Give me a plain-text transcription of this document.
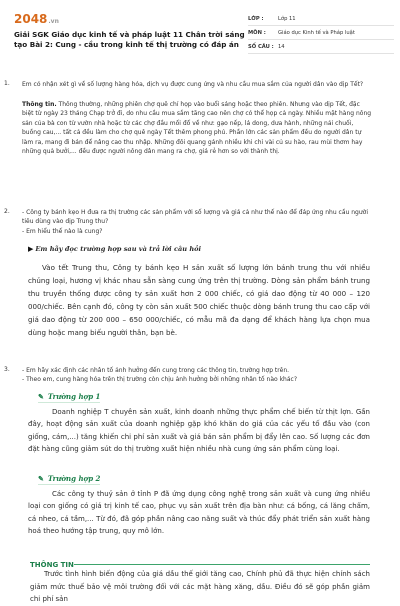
2048.vn
Giải SGK Giáo dục kinh tế và pháp luật 11 Chân trời sáng tạo Bài 2: Cung - cầu trong kinh tế thị trường có đáp án
LỚP :	Lớp 11
MÔN :	Giáo dục Kinh tế và Pháp luật
SỐ CÂU : 14
1. Em có nhận xét gì về số lượng hàng hóa, dịch vụ được cung ứng và nhu cầu mua sắm của người dân vào dịp Tết?
Thông tin. Thông thường, những phiên chợ quê chỉ họp vào buổi sáng hoặc theo phiên. Nhưng vào dịp Tết, đặc biệt từ ngày 23 tháng Chạp trở đi, do nhu cầu mua sắm tăng cao nên chợ có thể họp cả ngày. Nhiều mặt hàng nông sản của bà con từ vườn nhà hoặc từ các chợ đầu mối đổ về như: gạo nếp, lá dong, dưa hành, những nải chuối, buồng cau,... tất cả đều làm cho chợ quê ngày Tết thêm phong phú. Phần lớn các sản phẩm đều do người dân tự làm ra, mang đi bán để nâng cao thu nhập. Những đôi quang gánh nhiều khi chỉ vài củ su hào, rau mùi thơm hay những quả bưởi,... đều được người nông dân mang ra chợ, giá rẻ hơn so với thành thị.
2. - Công ty bánh kẹo H đưa ra thị trường các sản phẩm với số lượng và giá cả như thế nào để đáp ứng nhu cầu người tiêu dùng vào dịp Trung thu?
- Em hiểu thế nào là cung?
▶ Em hãy đọc trường hợp sau và trả lời câu hỏi
Vào tết Trung thu, Công ty bánh kẹo H sản xuất số lượng lớn bánh trung thu với nhiều chủng loại, hương vị khác nhau sẵn sàng cung ứng trên thị trường. Dòng sản phẩm bánh trung thu truyền thống được công ty sản xuất hơn 2 000 chiếc, có giá dao động từ 40 000 – 120 000/chiếc. Bên cạnh đó, công ty còn sản xuất 500 chiếc thuộc dòng bánh trung thu cao cấp với giá dao động từ 200 000 – 650 000/chiếc, có mẫu mã đa dạng để khách hàng lựa chọn mua dùng hoặc mang biếu người thân, bạn bè.
3. - Em hãy xác định các nhân tố ảnh hưởng đến cung trong các thông tin, trường hợp trên.
- Theo em, cung hàng hóa trên thị trường còn chịu ảnh hưởng bởi những nhân tố nào khác?
✎ Trường hợp 1
Doanh nghiệp T chuyên sản xuất, kinh doanh những thực phẩm chế biến từ thịt lợn. Gần đây, hoạt động sản xuất của doanh nghiệp gặp khó khăn do giá của các yếu tố đầu vào (con giống, cám,...) tăng khiến chi phí sản xuất và giá bán sản phẩm bị đẩy lên cao. Số lượng các đơn đặt hàng cũng giảm sút do thị trường xuất hiện nhiều nhà cung ứng sản phẩm cùng loại.
✎ Trường hợp 2
Các công ty thuỷ sản ở tỉnh P đã ứng dụng công nghệ trong sản xuất và cung ứng nhiều loại con giống có giá trị kinh tế cao, phục vụ sản xuất trên địa bàn như: cá bống, cá lăng chấm, cá nheo, cá tầm,... Từ đó, đã góp phần nâng cao năng suất và thúc đẩy phát triển sản xuất hàng hoá theo hướng tập trung, quy mô lớn.
THÔNG TIN
Trước tình hình biến động của giá dầu thế giới tăng cao, Chính phủ đã thực hiện chính sách giảm mức thuế bảo vệ môi trường đối với các mặt hàng xăng, dầu. Điều đó sẽ góp phần giảm chi phí sản
